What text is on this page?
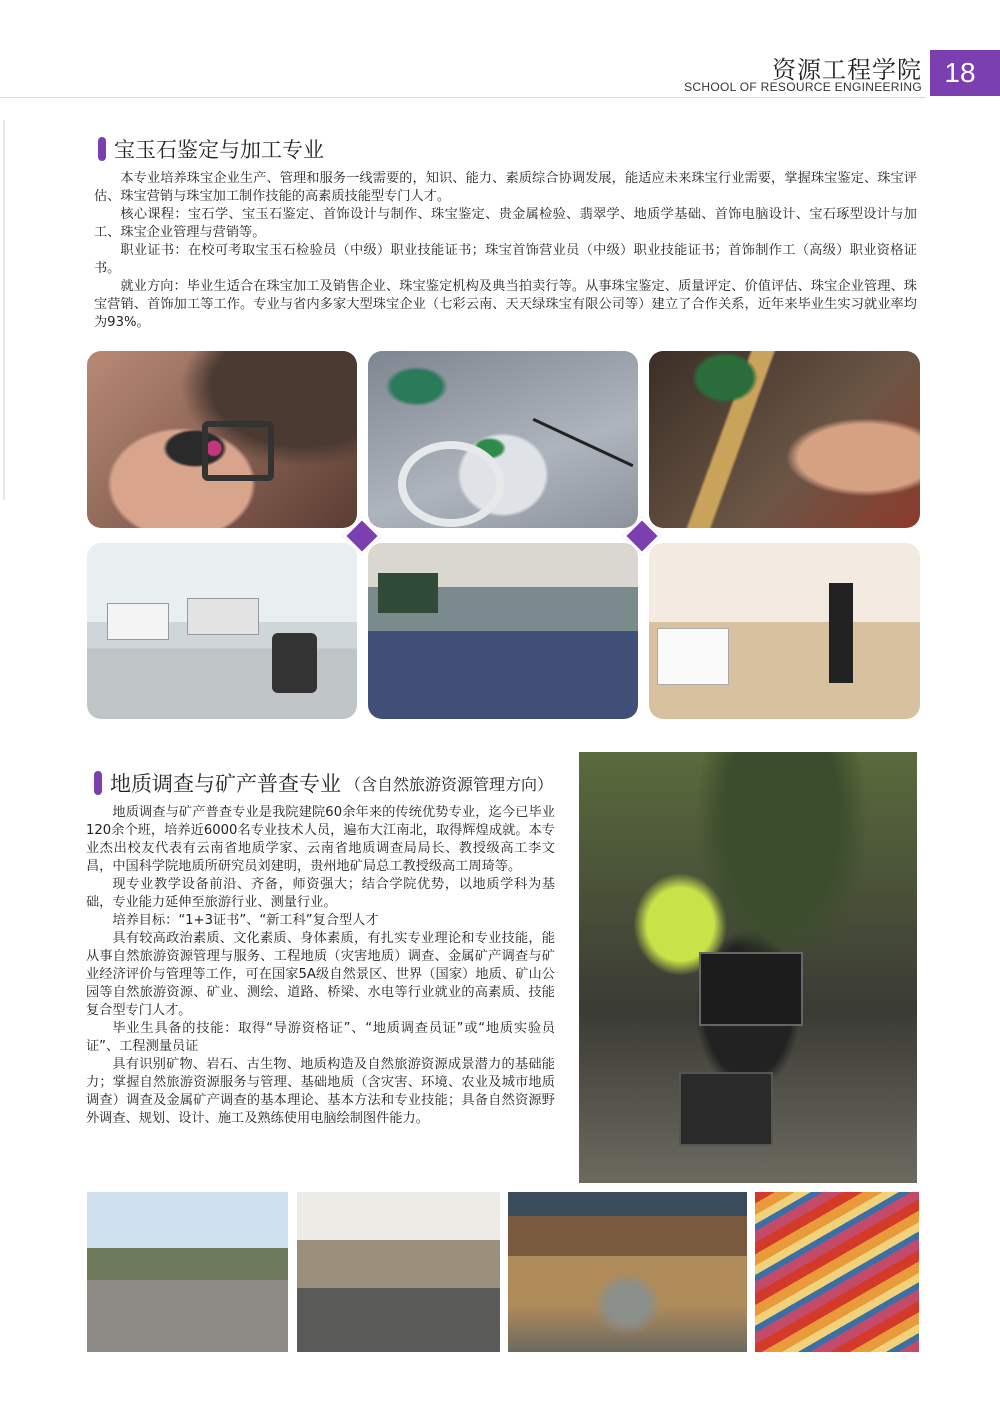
资源工程学院
SCHOOL OF RESOURCE ENGINEERING 18
宝玉石鉴定与加工专业

本专业培养珠宝企业生产、管理和服务一线需要的，知识、能力、素质综合协调发展，能适应未来珠宝行业需要，掌握珠宝鉴定、珠宝评估、珠宝营销与珠宝加工制作技能的高素质技能型专门人才。

核心课程：宝石学、宝玉石鉴定、首饰设计与制作、珠宝鉴定、贵金属检验、翡翠学、地质学基础、首饰电脑设计、宝石琢型设计与加工、珠宝企业管理与营销等。

职业证书：在校可考取宝玉石检验员（中级）职业技能证书；珠宝首饰营业员（中级）职业技能证书；首饰制作工（高级）职业资格证书。

就业方向：毕业生适合在珠宝加工及销售企业、珠宝鉴定机构及典当拍卖行等。从事珠宝鉴定、质量评定、价值评估、珠宝企业管理、珠宝营销、首饰加工等工作。专业与省内多家大型珠宝企业（七彩云南、天天绿珠宝有限公司等）建立了合作关系，近年来毕业生实习就业率均为93%。

地质调查与矿产普查专业 （含自然旅游资源管理方向）

地质调查与矿产普查专业是我院建院60余年来的传统优势专业，迄今已毕业120余个班，培养近6000名专业技术人员，遍布大江南北，取得辉煌成就。本专业杰出校友代表有云南省地质学家、云南省地质调查局局长、教授级高工李文昌，中国科学院地质所研究员刘建明，贵州地矿局总工教授级高工周琦等。

现专业教学设备前沿、齐备，师资强大；结合学院优势，以地质学科为基础，专业能力延伸至旅游行业、测量行业。

培养目标：“1+3证书”、“新工科”复合型人才

具有较高政治素质、文化素质、身体素质，有扎实专业理论和专业技能，能从事自然旅游资源管理与服务、工程地质（灾害地质）调查、金属矿产调查与矿业经济评价与管理等工作，可在国家5A级自然景区、世界（国家）地质、矿山公园等自然旅游资源、矿业、测绘、道路、桥梁、水电等行业就业的高素质、技能复合型专门人才。

毕业生具备的技能：取得“导游资格证”、“地质调查员证”或“地质实验员证”、工程测量员证

具有识别矿物、岩石、古生物、地质构造及自然旅游资源成景潜力的基础能力；掌握自然旅游资源服务与管理、基础地质（含灾害、环境、农业及城市地质调查）调查及金属矿产调查的基本理论、基本方法和专业技能；具备自然资源野外调查、规划、设计、施工及熟练使用电脑绘制图件能力。
